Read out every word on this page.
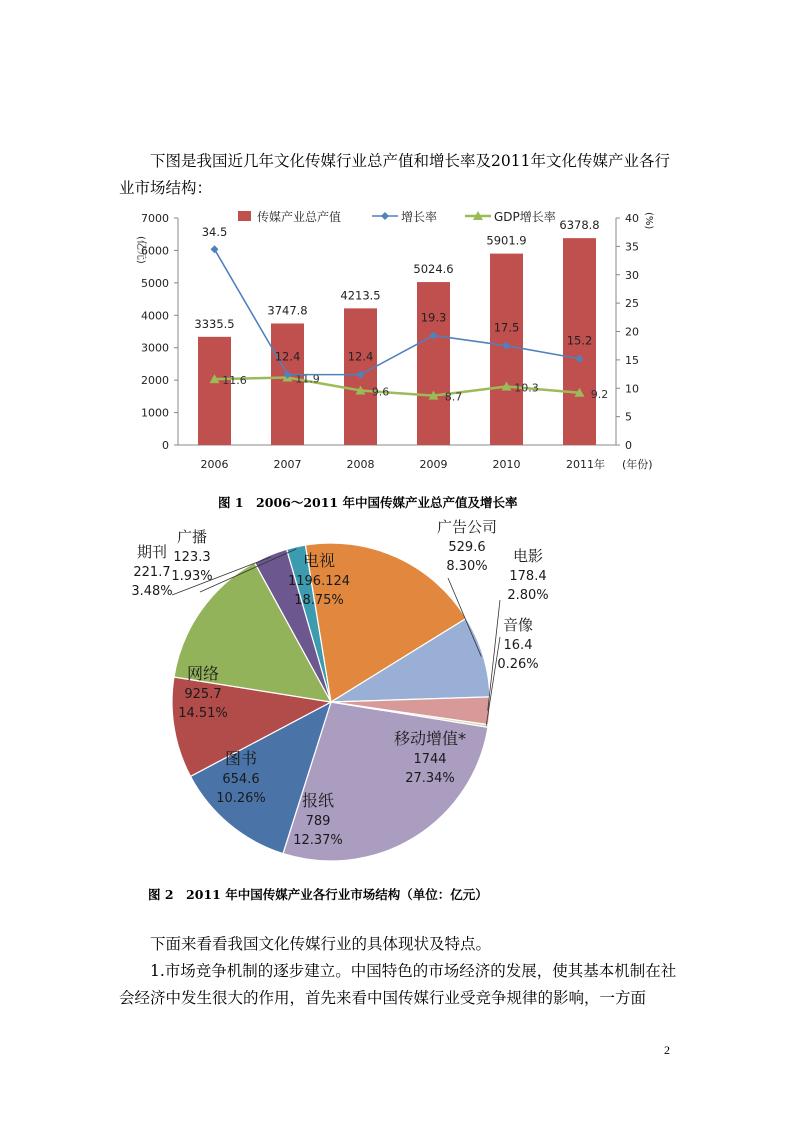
　　下图是我国近几年文化传媒行业总产值和增长率及2011年文化传媒产业各行业市场结构：

0
1000
2000
3000
4000
5000
6000
7000
0
5
10
15
20
25
30
35
40
(亿元)
(%)
2006	2007	2008	2009	2010	2011年 (年份)
3335.5
3747.8
4213.5
5024.6
5901.9
6378.8
11.6	11.9
9.6	8.7
10.3	9.2
34.5
12.4	12.4
19.3
17.5
15.2
传媒产业总产值	增长率	GDP增长率
移动增值*
1744
27.34%
报纸
789
12.37%
图书
654.6
10.26%
网络
925.7
14.51%
期刊
221.7
3.48%
广播
123.3
1.93%
电视
1196.124
18.75%
广告公司
529.6
8.30%
电影
178.4
2.80%
音像
16.4
0.26%
图 1　2006～2011 年中国传媒产业总产值及增长率
图 2　2011 年中国传媒产业各行业市场结构（单位：亿元）

　　下面来看看我国文化传媒行业的具体现状及特点。

　　1.市场竞争机制的逐步建立。中国特色的市场经济的发展，使其基本机制在社会经济中发生很大的作用，首先来看中国传媒行业受竞争规律的影响，一方面

2
